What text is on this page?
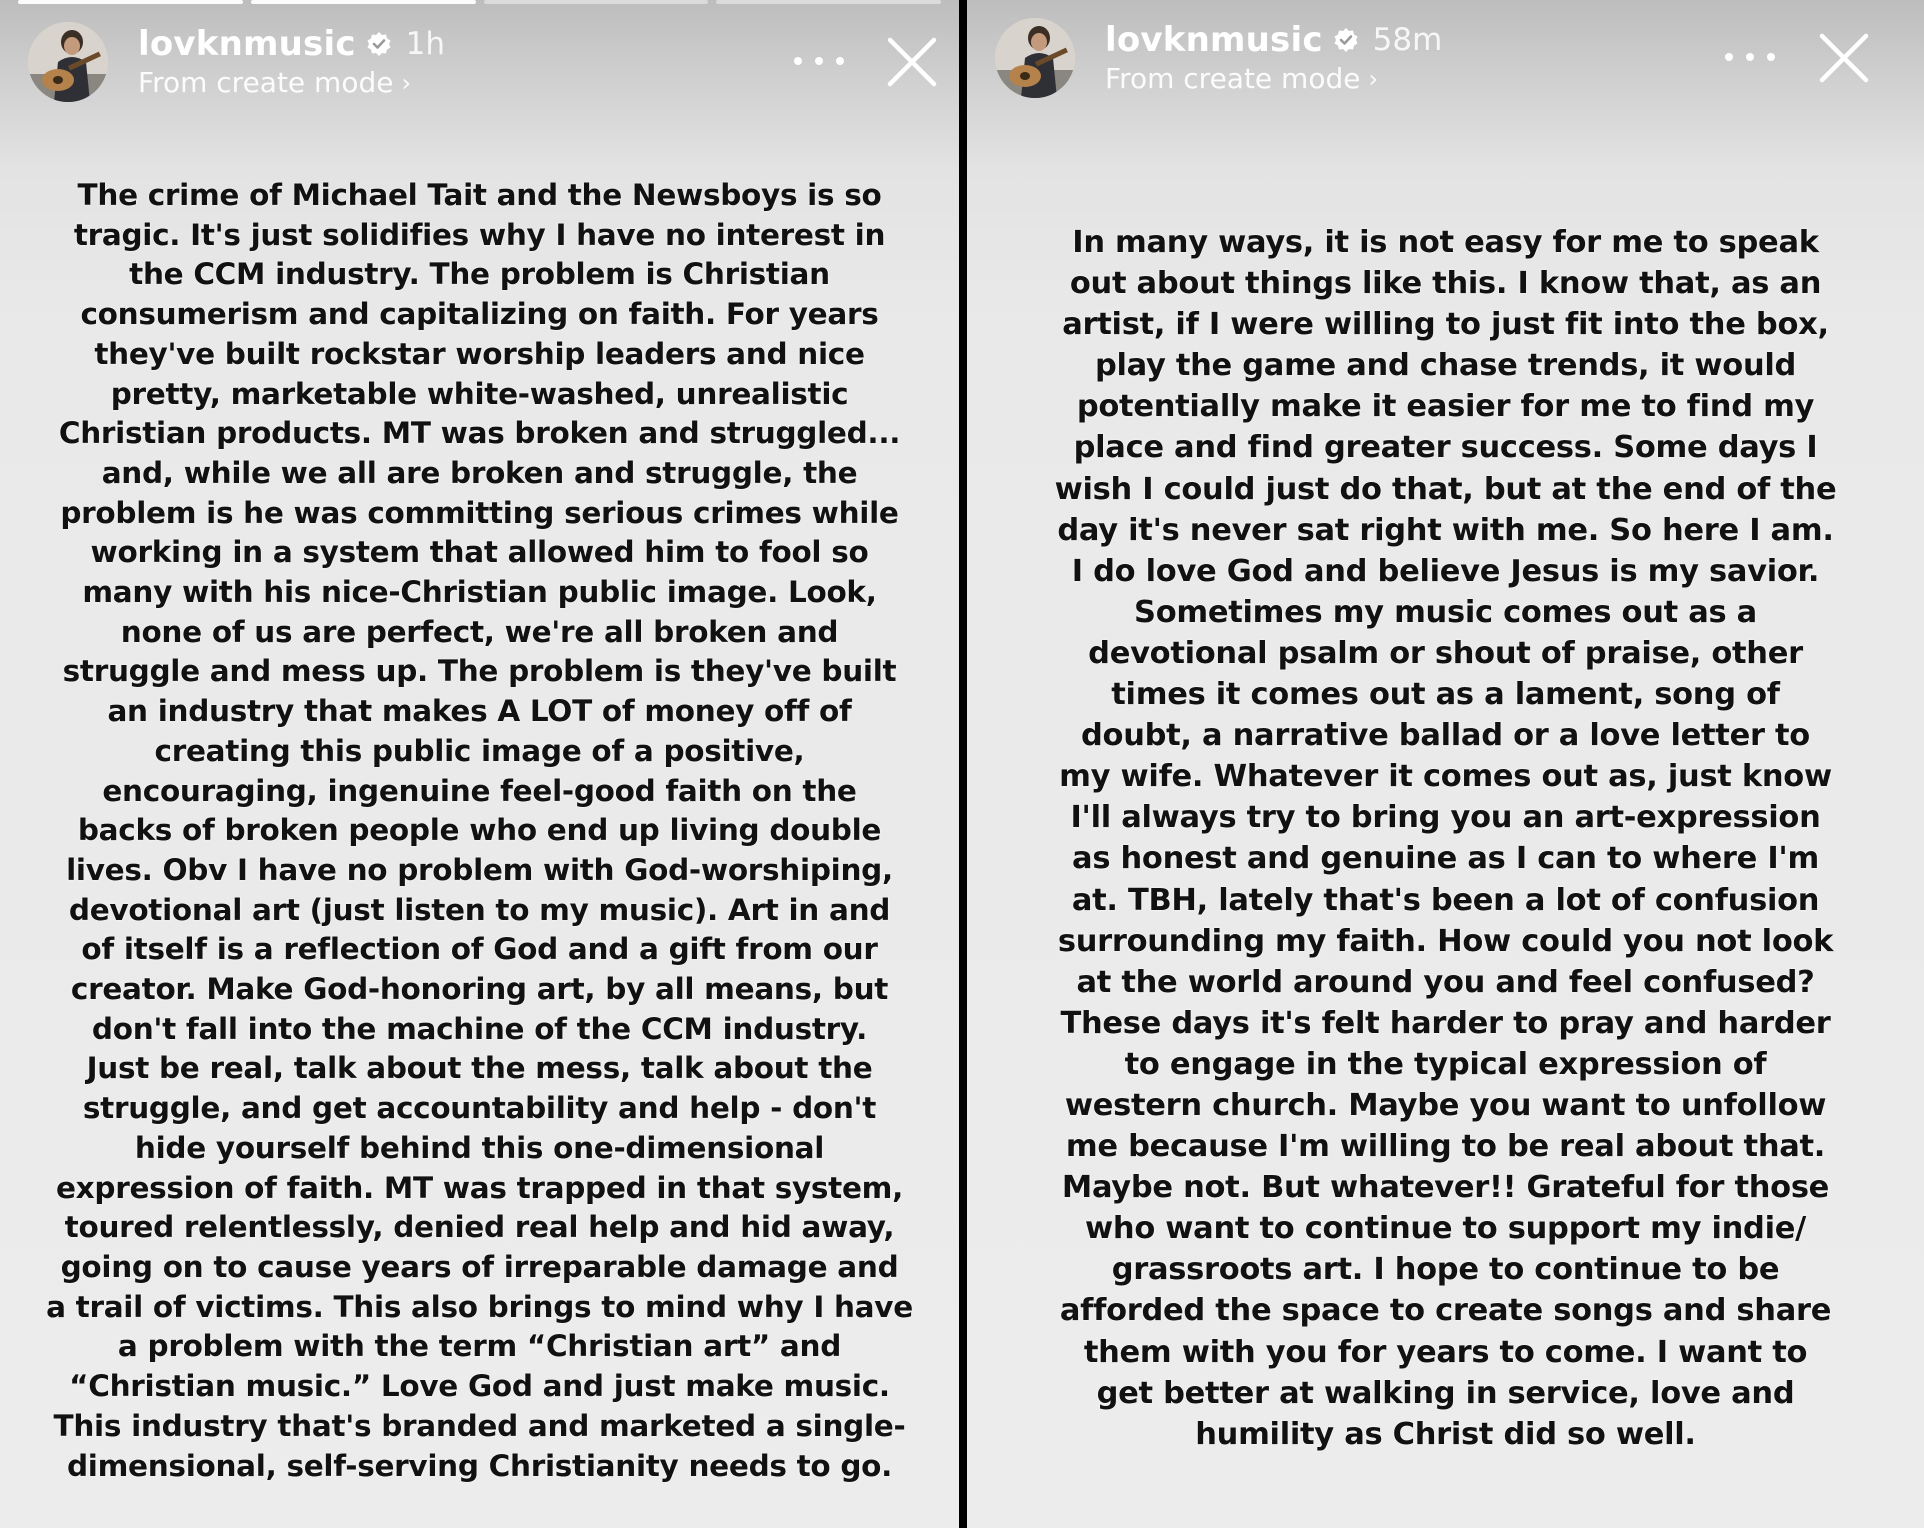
lovknmusic 1h
From create mode ›
The crime of Michael Tait and the Newsboys is so
tragic. It's just solidifies why I have no interest in
the CCM industry. The problem is Christian
consumerism and capitalizing on faith. For years
they've built rockstar worship leaders and nice
pretty, marketable white-washed, unrealistic
Christian products. MT was broken and struggled...
and, while we all are broken and struggle, the
problem is he was committing serious crimes while
working in a system that allowed him to fool so
many with his nice-Christian public image. Look,
none of us are perfect, we're all broken and
struggle and mess up. The problem is they've built
an industry that makes A LOT of money off of
creating this public image of a positive,
encouraging, ingenuine feel-good faith on the
backs of broken people who end up living double
lives. Obv I have no problem with God-worshiping,
devotional art (just listen to my music). Art in and
of itself is a reflection of God and a gift from our
creator. Make God-honoring art, by all means, but
don't fall into the machine of the CCM industry.
Just be real, talk about the mess, talk about the
struggle, and get accountability and help - don't
hide yourself behind this one-dimensional
expression of faith. MT was trapped in that system,
toured relentlessly, denied real help and hid away,
going on to cause years of irreparable damage and
a trail of victims. This also brings to mind why I have
a problem with the term “Christian art” and
“Christian music.” Love God and just make music.
This industry that's branded and marketed a single-
dimensional, self-serving Christianity needs to go.
lovknmusic 58m
From create mode ›
In many ways, it is not easy for me to speak
out about things like this. I know that, as an
artist, if I were willing to just fit into the box,
play the game and chase trends, it would
potentially make it easier for me to find my
place and find greater success. Some days I
wish I could just do that, but at the end of the
day it's never sat right with me. So here I am.
I do love God and believe Jesus is my savior.
Sometimes my music comes out as a
devotional psalm or shout of praise, other
times it comes out as a lament, song of
doubt, a narrative ballad or a love letter to
my wife. Whatever it comes out as, just know
I'll always try to bring you an art-expression
as honest and genuine as I can to where I'm
at. TBH, lately that's been a lot of confusion
surrounding my faith. How could you not look
at the world around you and feel confused?
These days it's felt harder to pray and harder
to engage in the typical expression of
western church. Maybe you want to unfollow
me because I'm willing to be real about that.
Maybe not. But whatever!! Grateful for those
who want to continue to support my indie/
grassroots art. I hope to continue to be
afforded the space to create songs and share
them with you for years to come. I want to
get better at walking in service, love and
humility as Christ did so well.
